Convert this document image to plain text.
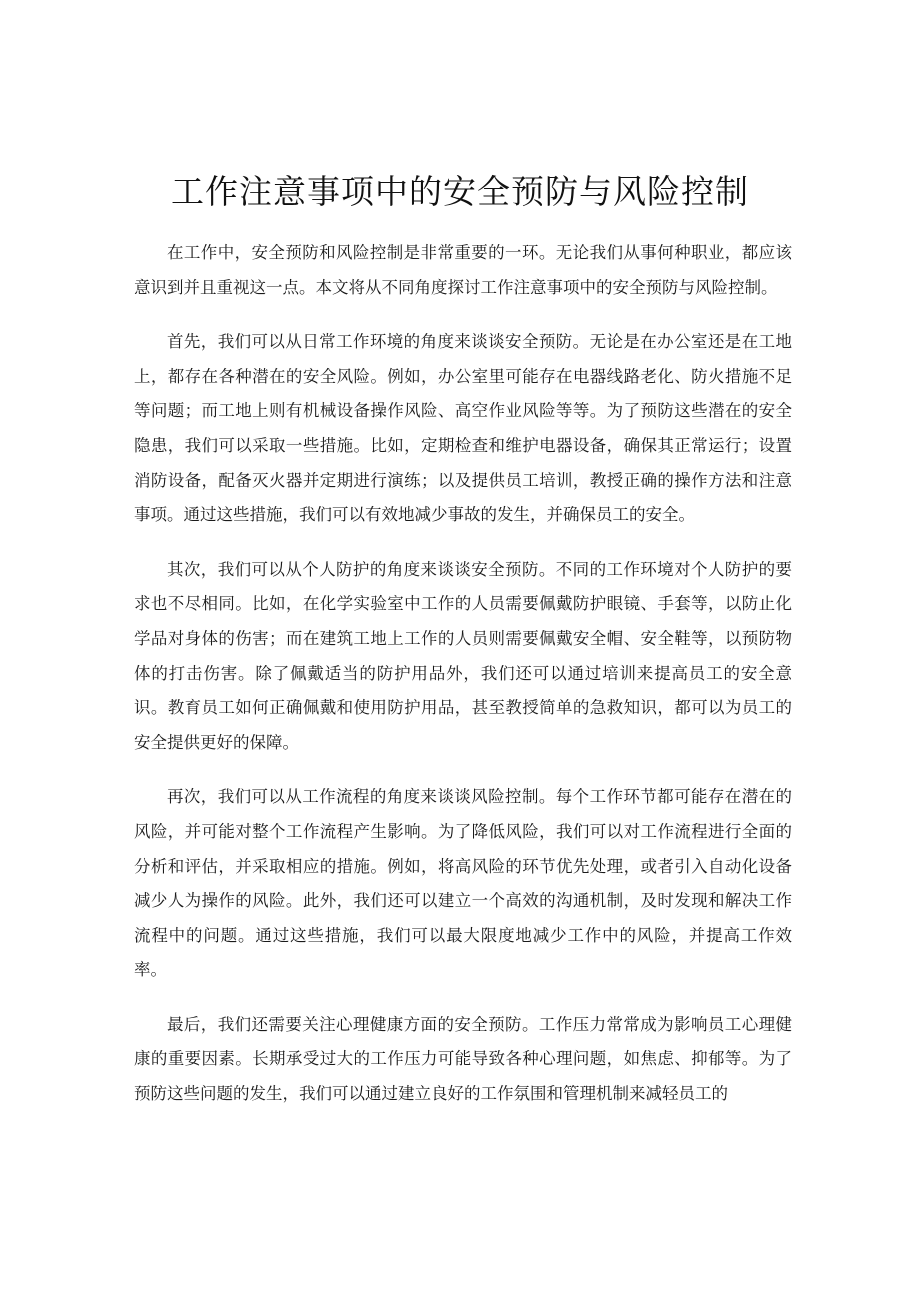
工作注意事项中的安全预防与风险控制

在工作中，安全预防和风险控制是非常重要的一环。无论我们从事何种职业，都应该意识到并且重视这一点。本文将从不同角度探讨工作注意事项中的安全预防与风险控制。

首先，我们可以从日常工作环境的角度来谈谈安全预防。无论是在办公室还是在工地上，都存在各种潜在的安全风险。例如，办公室里可能存在电器线路老化、防火措施不足等问题；而工地上则有机械设备操作风险、高空作业风险等等。为了预防这些潜在的安全隐患，我们可以采取一些措施。比如，定期检查和维护电器设备，确保其正常运行；设置消防设备，配备灭火器并定期进行演练；以及提供员工培训，教授正确的操作方法和注意事项。通过这些措施，我们可以有效地减少事故的发生，并确保员工的安全。

其次，我们可以从个人防护的角度来谈谈安全预防。不同的工作环境对个人防护的要求也不尽相同。比如，在化学实验室中工作的人员需要佩戴防护眼镜、手套等，以防止化学品对身体的伤害；而在建筑工地上工作的人员则需要佩戴安全帽、安全鞋等，以预防物体的打击伤害。除了佩戴适当的防护用品外，我们还可以通过培训来提高员工的安全意识。教育员工如何正确佩戴和使用防护用品，甚至教授简单的急救知识，都可以为员工的安全提供更好的保障。

再次，我们可以从工作流程的角度来谈谈风险控制。每个工作环节都可能存在潜在的风险，并可能对整个工作流程产生影响。为了降低风险，我们可以对工作流程进行全面的分析和评估，并采取相应的措施。例如，将高风险的环节优先处理，或者引入自动化设备减少人为操作的风险。此外，我们还可以建立一个高效的沟通机制，及时发现和解决工作流程中的问题。通过这些措施，我们可以最大限度地减少工作中的风险，并提高工作效率。

最后，我们还需要关注心理健康方面的安全预防。工作压力常常成为影响员工心理健康的重要因素。长期承受过大的工作压力可能导致各种心理问题，如焦虑、抑郁等。为了预防这些问题的发生，我们可以通过建立良好的工作氛围和管理机制来减轻员工的
